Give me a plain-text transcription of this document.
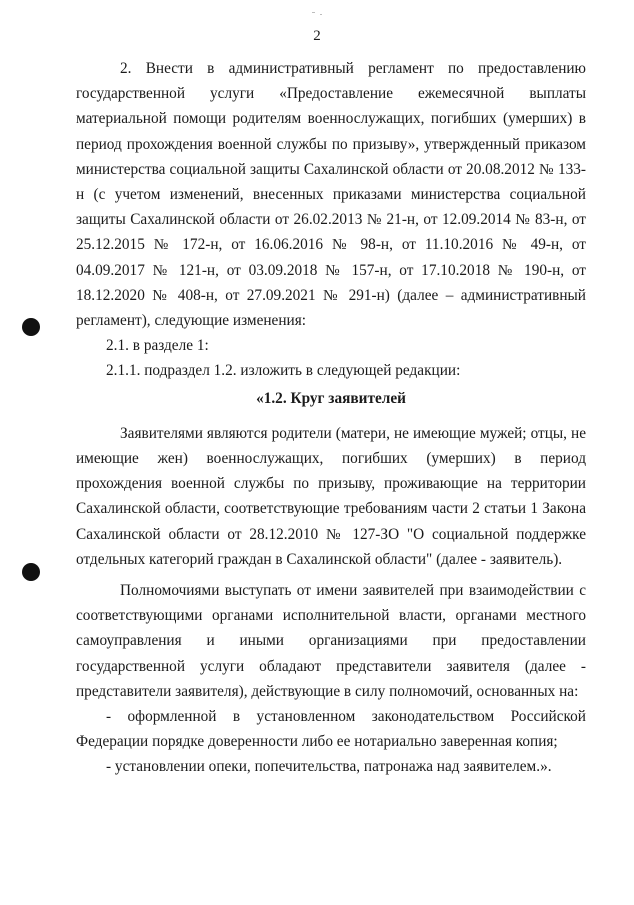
2

2. Внести в административный регламент по предоставлению государственной услуги «Предоставление ежемесячной выплаты материальной помощи родителям военнослужащих, погибших (умерших) в период прохождения военной службы по призыву», утвержденный приказом министерства социальной защиты Сахалинской области от 20.08.2012 № 133-н (с учетом изменений, внесенных приказами министерства социальной защиты Сахалинской области от 26.02.2013 № 21-н, от 12.09.2014 № 83-н, от 25.12.2015 № 172-н, от 16.06.2016 № 98-н, от 11.10.2016 № 49-н, от 04.09.2017 № 121-н, от 03.09.2018 № 157-н, от 17.10.2018 № 190-н, от 18.12.2020 № 408-н, от 27.09.2021 № 291-н) (далее – административный регламент), следующие изменения:

2.1. в разделе 1:

2.1.1. подраздел 1.2. изложить в следующей редакции:

«1.2. Круг заявителей

Заявителями являются родители (матери, не имеющие мужей; отцы, не имеющие жен) военнослужащих, погибших (умерших) в период прохождения военной службы по призыву, проживающие на территории Сахалинской области, соответствующие требованиям части 2 статьи 1 Закона Сахалинской области от 28.12.2010 № 127-ЗО "О социальной поддержке отдельных категорий граждан в Сахалинской области" (далее - заявитель).

Полномочиями выступать от имени заявителей при взаимодействии с соответствующими органами исполнительной власти, органами местного самоуправления и иными организациями при предоставлении государственной услуги обладают представители заявителя (далее - представители заявителя), действующие в силу полномочий, основанных на:

- оформленной в установленном законодательством Российской Федерации порядке доверенности либо ее нотариально заверенная копия;

- установлении опеки, попечительства, патронажа над заявителем.».
